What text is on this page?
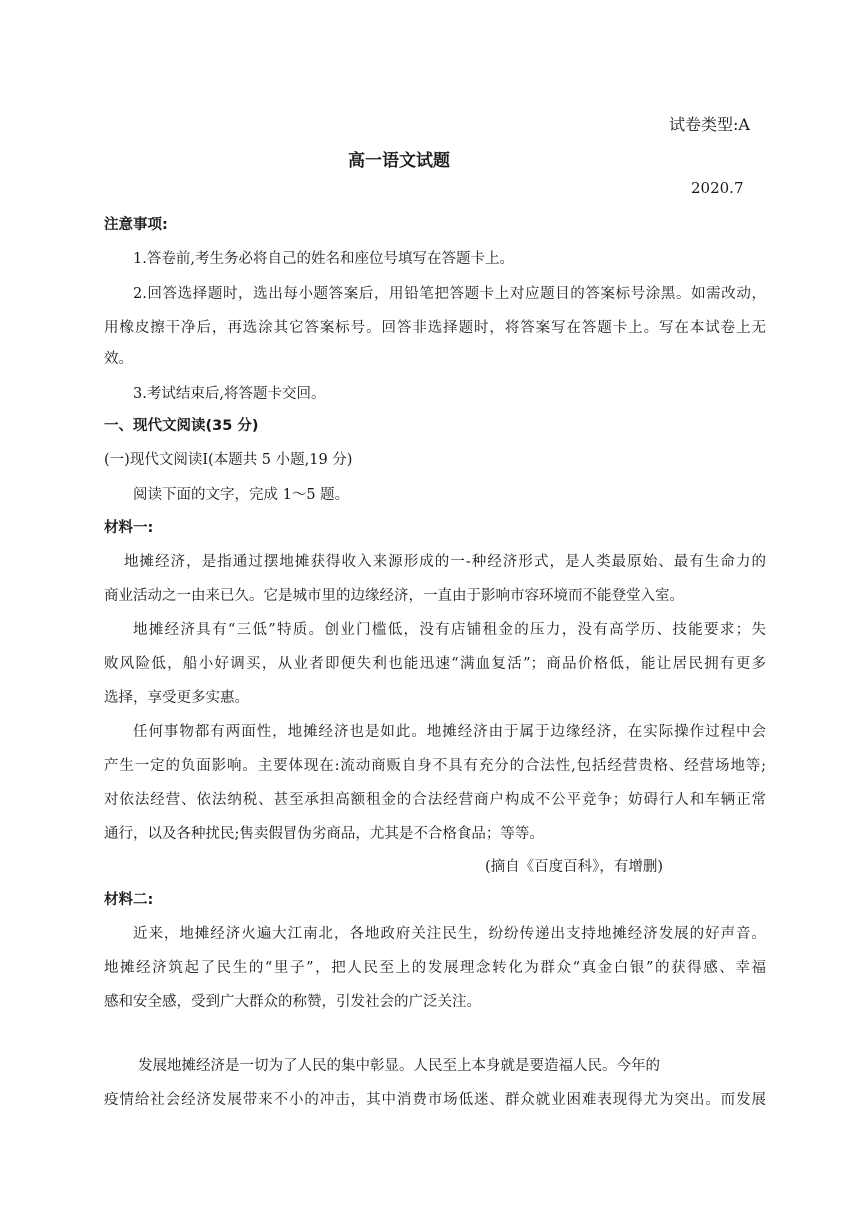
试卷类型:A
高一语文试题
2020.7
注意事项:
1.答卷前,考生务必将自己的姓名和座位号填写在答题卡上。
2.回答选择题时，选出每小题答案后，用铅笔把答题卡上对应题目的答案标号涂黑。如需改动，
用橡皮擦干净后，再选涂其它答案标号。回答非选择题时，将答案写在答题卡上。写在本试卷上无
效。
3.考试结束后,将答题卡交回。
一、现代文阅读(35 分)
(一)现代文阅读Ⅰ(本题共 5 小题,19 分)
阅读下面的文字，完成 1～5 题。
材料一:
地摊经济，是指通过摆地摊获得收入来源形成的一-种经济形式，是人类最原始、最有生命力的
商业活动之一由来已久。它是城市里的边缘经济，一直由于影响市容环境而不能登堂入室。
地摊经济具有“三低”特质。创业门槛低，没有店铺租金的压力，没有高学历、技能要求；失
败风险低，船小好调买，从业者即便失利也能迅速“满血复活”；商品价格低，能让居民拥有更多
选择，享受更多实惠。
任何事物都有两面性，地摊经济也是如此。地摊经济由于属于边缘经济，在实际操作过程中会
产生一定的负面影响。主要体现在:流动商贩自身不具有充分的合法性,包括经营贵格、经营场地等;
对依法经营、依法纳税、甚至承担高额租金的合法经营商户构成不公平竞争；妨碍行人和车辆正常
通行，以及各种扰民;售卖假冒伪劣商品，尤其是不合格食品；等等。
(摘自《百度百科》，有增删)
材料二:
近来，地摊经济火遍大江南北，各地政府关注民生，纷纷传递出支持地摊经济发展的好声音。
地摊经济筑起了民生的“里子”，把人民至上的发展理念转化为群众“真金白银”的获得感、幸福
感和安全感，受到广大群众的称赞，引发社会的广泛关注。
发展地摊经济是一切为了人民的集中彰显。人民至上本身就是要造福人民。今年的
疫情给社会经济发展带来不小的冲击，其中消费市场低迷、群众就业困难表现得尤为突出。而发展
